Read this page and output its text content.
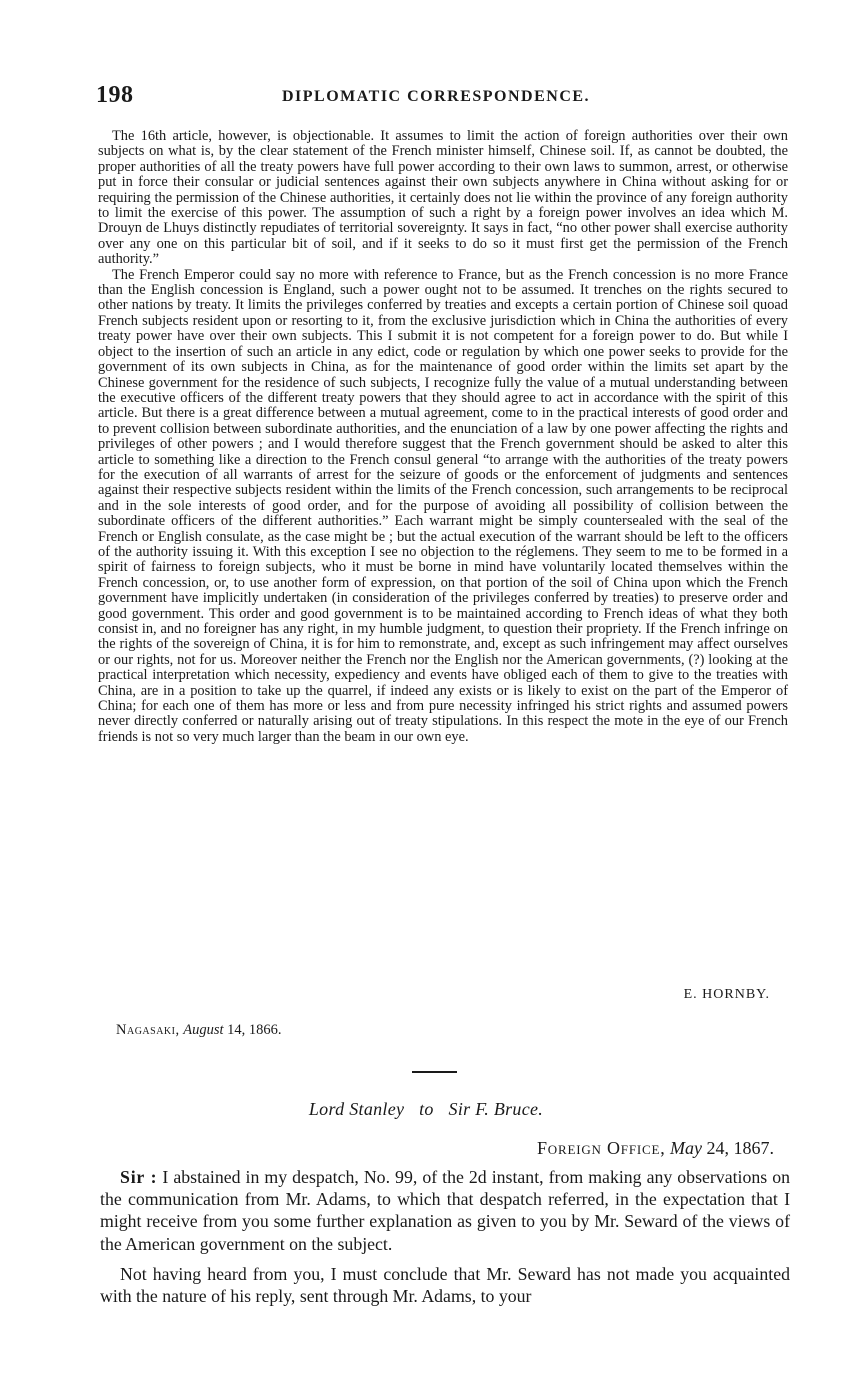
198	DIPLOMATIC CORRESPONDENCE.

The 16th article, however, is objectionable. It assumes to limit the action of foreign authorities over their own subjects on what is, by the clear statement of the French minister himself, Chinese soil. If, as cannot be doubted, the proper authorities of all the treaty powers have full power according to their own laws to summon, arrest, or otherwise put in force their consular or judicial sentences against their own subjects anywhere in China without asking for or requiring the permission of the Chinese authorities, it certainly does not lie within the province of any foreign authority to limit the exercise of this power. The assumption of such a right by a foreign power involves an idea which M. Drouyn de Lhuys distinctly repudiates of territorial sovereignty. It says in fact, “no other power shall exercise authority over any one on this particular bit of soil, and if it seeks to do so it must first get the permission of the French authority.”

The French Emperor could say no more with reference to France, but as the French concession is no more France than the English concession is England, such a power ought not to be assumed. It trenches on the rights secured to other nations by treaty. It limits the privileges conferred by treaties and excepts a certain portion of Chinese soil quoad French subjects resident upon or resorting to it, from the exclusive jurisdiction which in China the authorities of every treaty power have over their own subjects. This I submit it is not competent for a foreign power to do. But while I object to the insertion of such an article in any edict, code or regulation by which one power seeks to provide for the government of its own subjects in China, as for the maintenance of good order within the limits set apart by the Chinese government for the residence of such subjects, I recognize fully the value of a mutual understanding between the executive officers of the different treaty powers that they should agree to act in accordance with the spirit of this article. But there is a great difference between a mutual agreement, come to in the practical interests of good order and to prevent collision between subordinate authorities, and the enunciation of a law by one power affecting the rights and privileges of other powers ; and I would therefore suggest that the French government should be asked to alter this article to something like a direction to the French consul general “to arrange with the authorities of the treaty powers for the execution of all warrants of arrest for the seizure of goods or the enforcement of judgments and sentences against their respective subjects resident within the limits of the French concession, such arrangements to be reciprocal and in the sole interests of good order, and for the purpose of avoiding all possibility of collision between the subordinate officers of the different authorities.” Each warrant might be simply countersealed with the seal of the French or English consulate, as the case might be ; but the actual execution of the warrant should be left to the officers of the authority issuing it. With this exception I see no objection to the réglemens. They seem to me to be formed in a spirit of fairness to foreign subjects, who it must be borne in mind have voluntarily located themselves within the French concession, or, to use another form of expression, on that portion of the soil of China upon which the French government have implicitly undertaken (in consideration of the privileges conferred by treaties) to preserve order and good government. This order and good government is to be maintained according to French ideas of what they both consist in, and no foreigner has any right, in my humble judgment, to question their propriety. If the French infringe on the rights of the sovereign of China, it is for him to remonstrate, and, except as such infringement may affect ourselves or our rights, not for us. Moreover neither the French nor the English nor the American governments, (?) looking at the practical interpretation which necessity, expediency and events have obliged each of them to give to the treaties with China, are in a position to take up the quarrel, if indeed any exists or is likely to exist on the part of the Emperor of China; for each one of them has more or less and from pure necessity infringed his strict rights and assumed powers never directly conferred or naturally arising out of treaty stipulations. In this respect the mote in the eye of our French friends is not so very much larger than the beam in our own eye.

E. HORNBY.
Nagasaki, August 14, 1866.
Lord Stanley to Sir F. Bruce.
Foreign Office, May 24, 1867.

Sir : I abstained in my despatch, No. 99, of the 2d instant, from making any observations on the communication from Mr. Adams, to which that despatch referred, in the expectation that I might receive from you some further explanation as given to you by Mr. Seward of the views of the American government on the subject.

Not having heard from you, I must conclude that Mr. Seward has not made you acquainted with the nature of his reply, sent through Mr. Adams, to your
